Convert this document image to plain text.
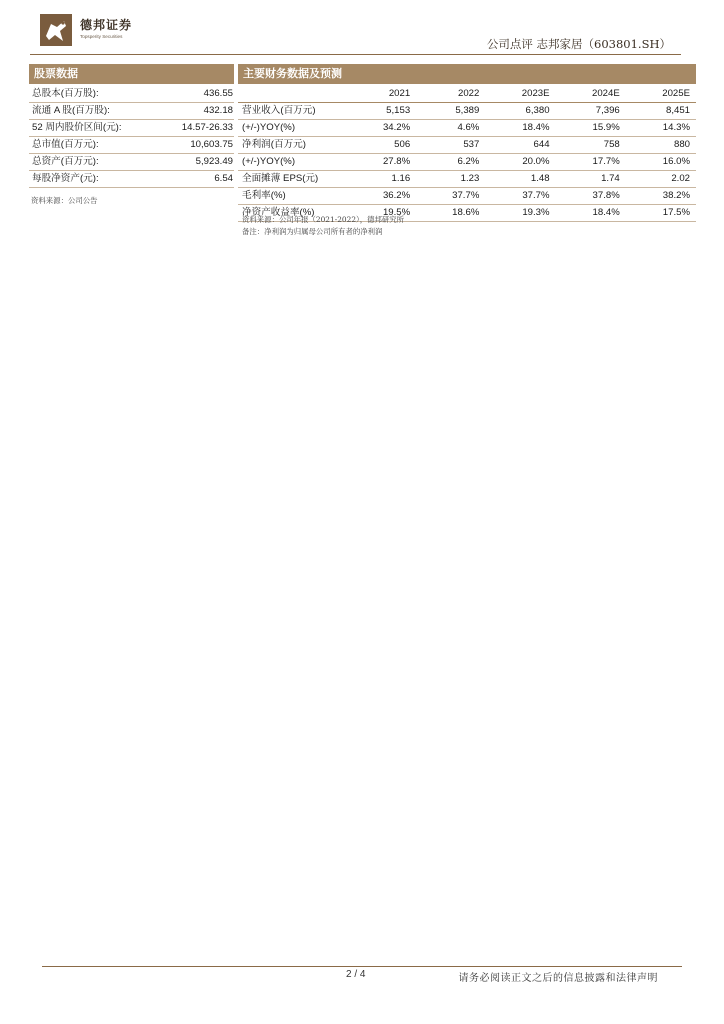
德邦证券
Topsperity Securities
公司点评 志邦家居（603801.SH）
股票数据
总股本(百万股):	436.55
流通 A 股(百万股):	432.18
52 周内股价区间(元):	14.57-26.33
总市值(百万元):	10,603.75
总资产(百万元):	5,923.49
每股净资产(元):	6.54
资料来源：公司公告
主要财务数据及预测
	2021	2022	2023E	2024E	2025E
营业收入(百万元)	5,153	5,389	6,380	7,396	8,451
(+/-)YOY(%)	34.2%	4.6%	18.4%	15.9%	14.3%
净利润(百万元)	506	537	644	758	880
(+/-)YOY(%)	27.8%	6.2%	20.0%	17.7%	16.0%
全面摊薄 EPS(元)	1.16	1.23	1.48	1.74	2.02
毛利率(%)	36.2%	37.7%	37.7%	37.8%	38.2%
净资产收益率(%)	19.5%	18.6%	19.3%	18.4%	17.5%
资料来源：公司年报（2021-2022），德邦研究所
备注：净利润为归属母公司所有者的净利润
2 / 4	请务必阅读正文之后的信息披露和法律声明
